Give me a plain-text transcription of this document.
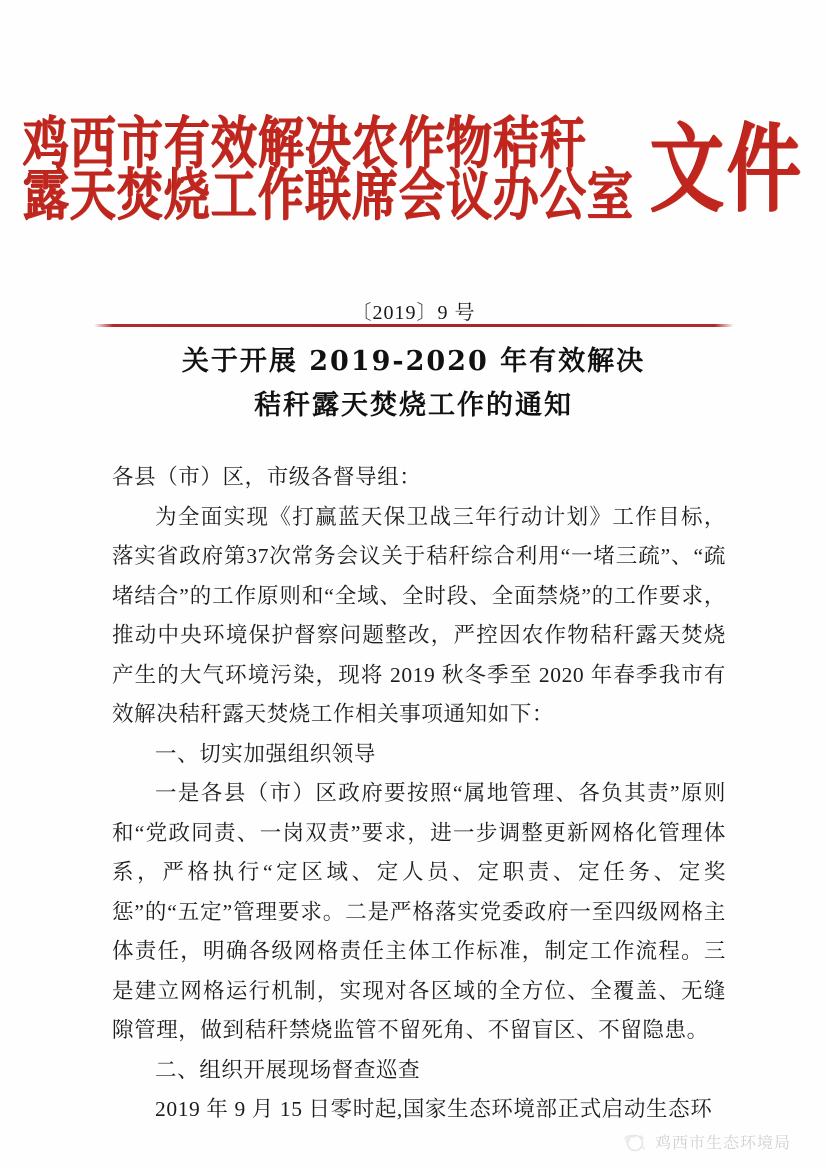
鸡西市有效解决农作物秸秆
露天焚烧工作联席会议办公室 文件
〔2019〕9 号
关于开展 2019-2020 年有效解决
秸秆露天焚烧工作的通知

各县（市）区，市级各督导组：

为全面实现《打赢蓝天保卫战三年行动计划》工作目标，落实省政府第37次常务会议关于秸秆综合利用“一堵三疏”、“疏堵结合”的工作原则和“全域、全时段、全面禁烧”的工作要求，推动中央环境保护督察问题整改，严控因农作物秸秆露天焚烧产生的大气环境污染，现将 2019 秋冬季至 2020 年春季我市有效解决秸秆露天焚烧工作相关事项通知如下：

一、切实加强组织领导

一是各县（市）区政府要按照“属地管理、各负其责”原则和“党政同责、一岗双责”要求，进一步调整更新网格化管理体系，严格执行“定区域、定人员、定职责、定任务、定奖惩”的“五定”管理要求。二是严格落实党委政府一至四级网格主体责任，明确各级网格责任主体工作标准，制定工作流程。三是建立网格运行机制，实现对各区域的全方位、全覆盖、无缝隙管理，做到秸秆禁烧监管不留死角、不留盲区、不留隐患。

二、组织开展现场督查巡查

2019 年 9 月 15 日零时起,国家生态环境部正式启动生态环

鸡西市生态环境局
